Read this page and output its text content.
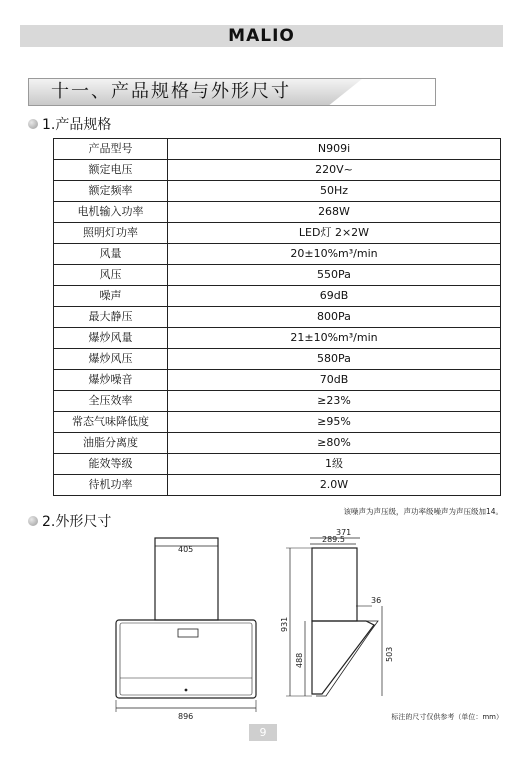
MALIO
十一、产品规格与外形尺寸
1.产品规格
产品型号	N909i
额定电压	220V~
额定频率	50Hz
电机输入功率	268W
照明灯功率	LED灯 2×2W
风量	20±10%m³/min
风压	550Pa
噪声	69dB
最大静压	800Pa
爆炒风量	21±10%m³/min
爆炒风压	580Pa
爆炒噪音	70dB
全压效率	≥23%
常态气味降低度	≥95%
油脂分离度	≥80%
能效等级	1级
待机功率	2.0W
该噪声为声压级，声功率级噪声为声压级加14。
2.外形尺寸
405
896
371
289.5
36
931
488	503
标注的尺寸仅供参考（单位：mm）
9
